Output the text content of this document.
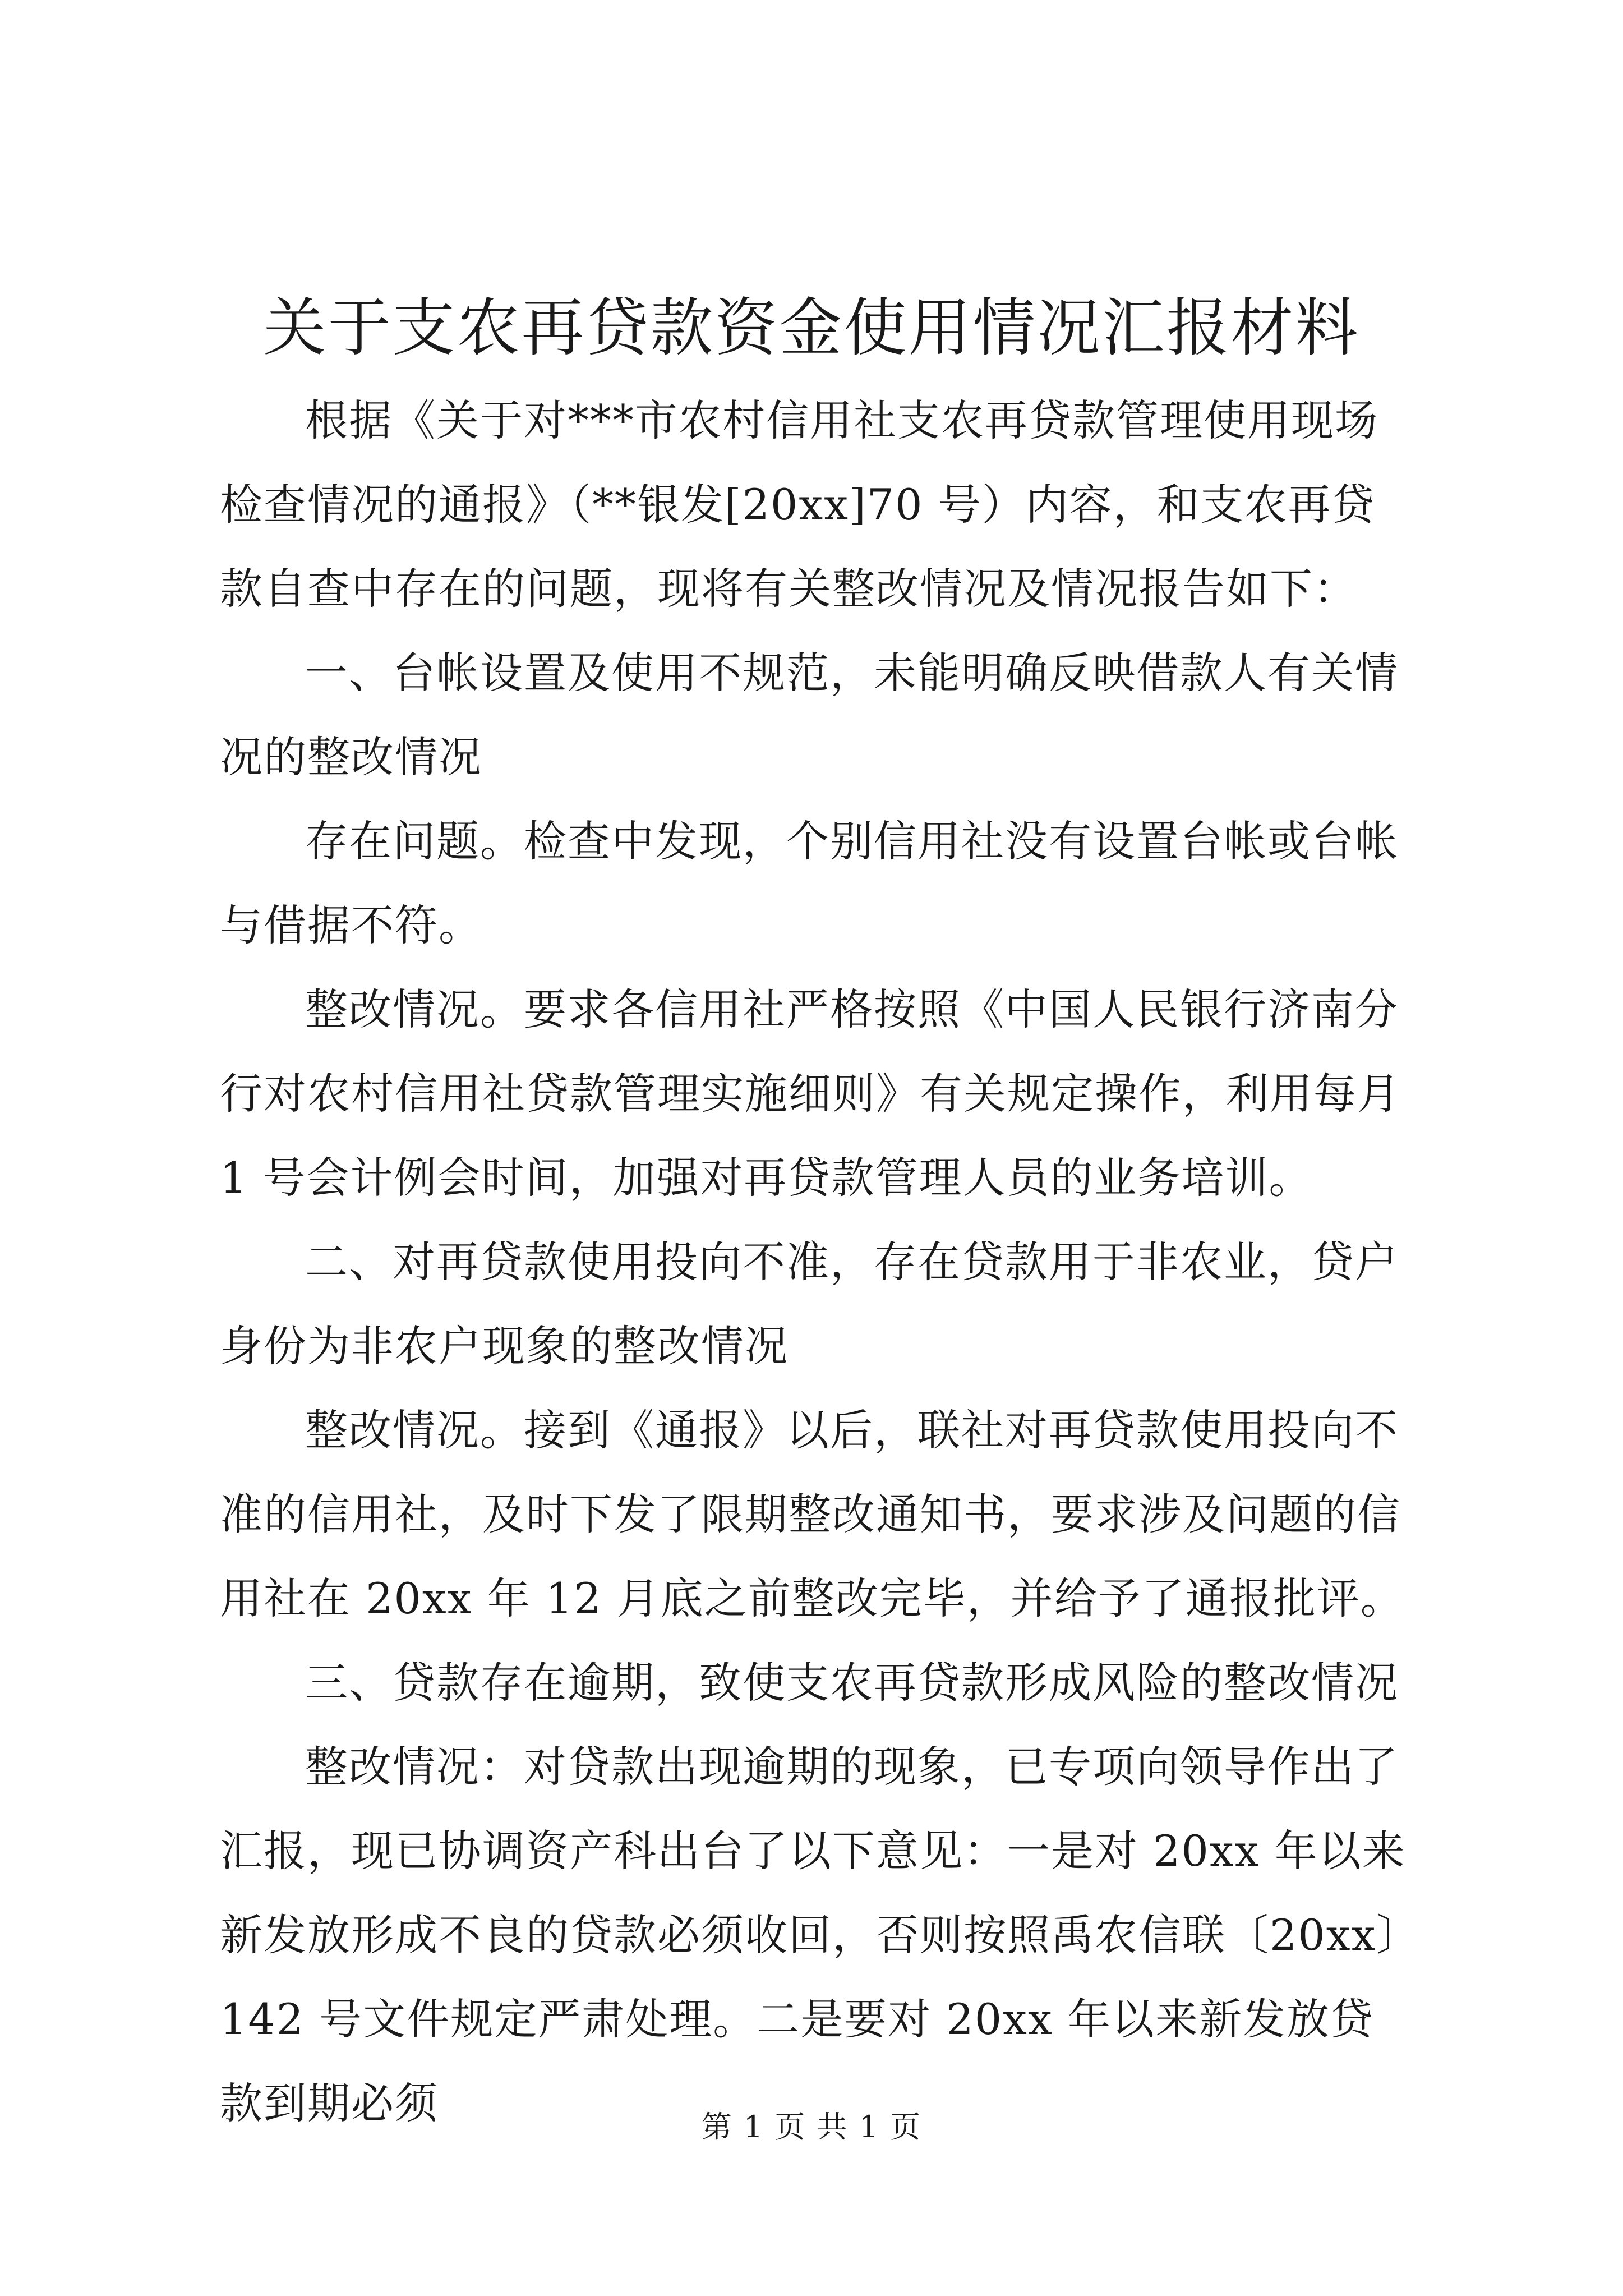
关于支农再贷款资金使用情况汇报材料

根据《关于对***市农村信用社支农再贷款管理使用现场检查情况的通报》（**银发[20xx]70 号）内容，和支农再贷款自查中存在的问题，现将有关整改情况及情况报告如下：

一、台帐设置及使用不规范，未能明确反映借款人有关情况的整改情况

存在问题。检查中发现，个别信用社没有设置台帐或台帐与借据不符。

整改情况。要求各信用社严格按照《中国人民银行济南分行对农村信用社贷款管理实施细则》有关规定操作，利用每月 1 号会计例会时间，加强对再贷款管理人员的业务培训。

二、对再贷款使用投向不准，存在贷款用于非农业，贷户身份为非农户现象的整改情况

整改情况。接到《通报》以后，联社对再贷款使用投向不准的信用社，及时下发了限期整改通知书，要求涉及问题的信用社在 20xx 年 12 月底之前整改完毕，并给予了通报批评。

三、贷款存在逾期，致使支农再贷款形成风险的整改情况

整改情况：对贷款出现逾期的现象，已专项向领导作出了汇报，现已协调资产科出台了以下意见：一是对 20xx 年以来新发放形成不良的贷款必须收回，否则按照禹农信联〔20xx〕142 号文件规定严肃处理。二是要对 20xx 年以来新发放贷款到期必须	第 1 页 共 1 页
